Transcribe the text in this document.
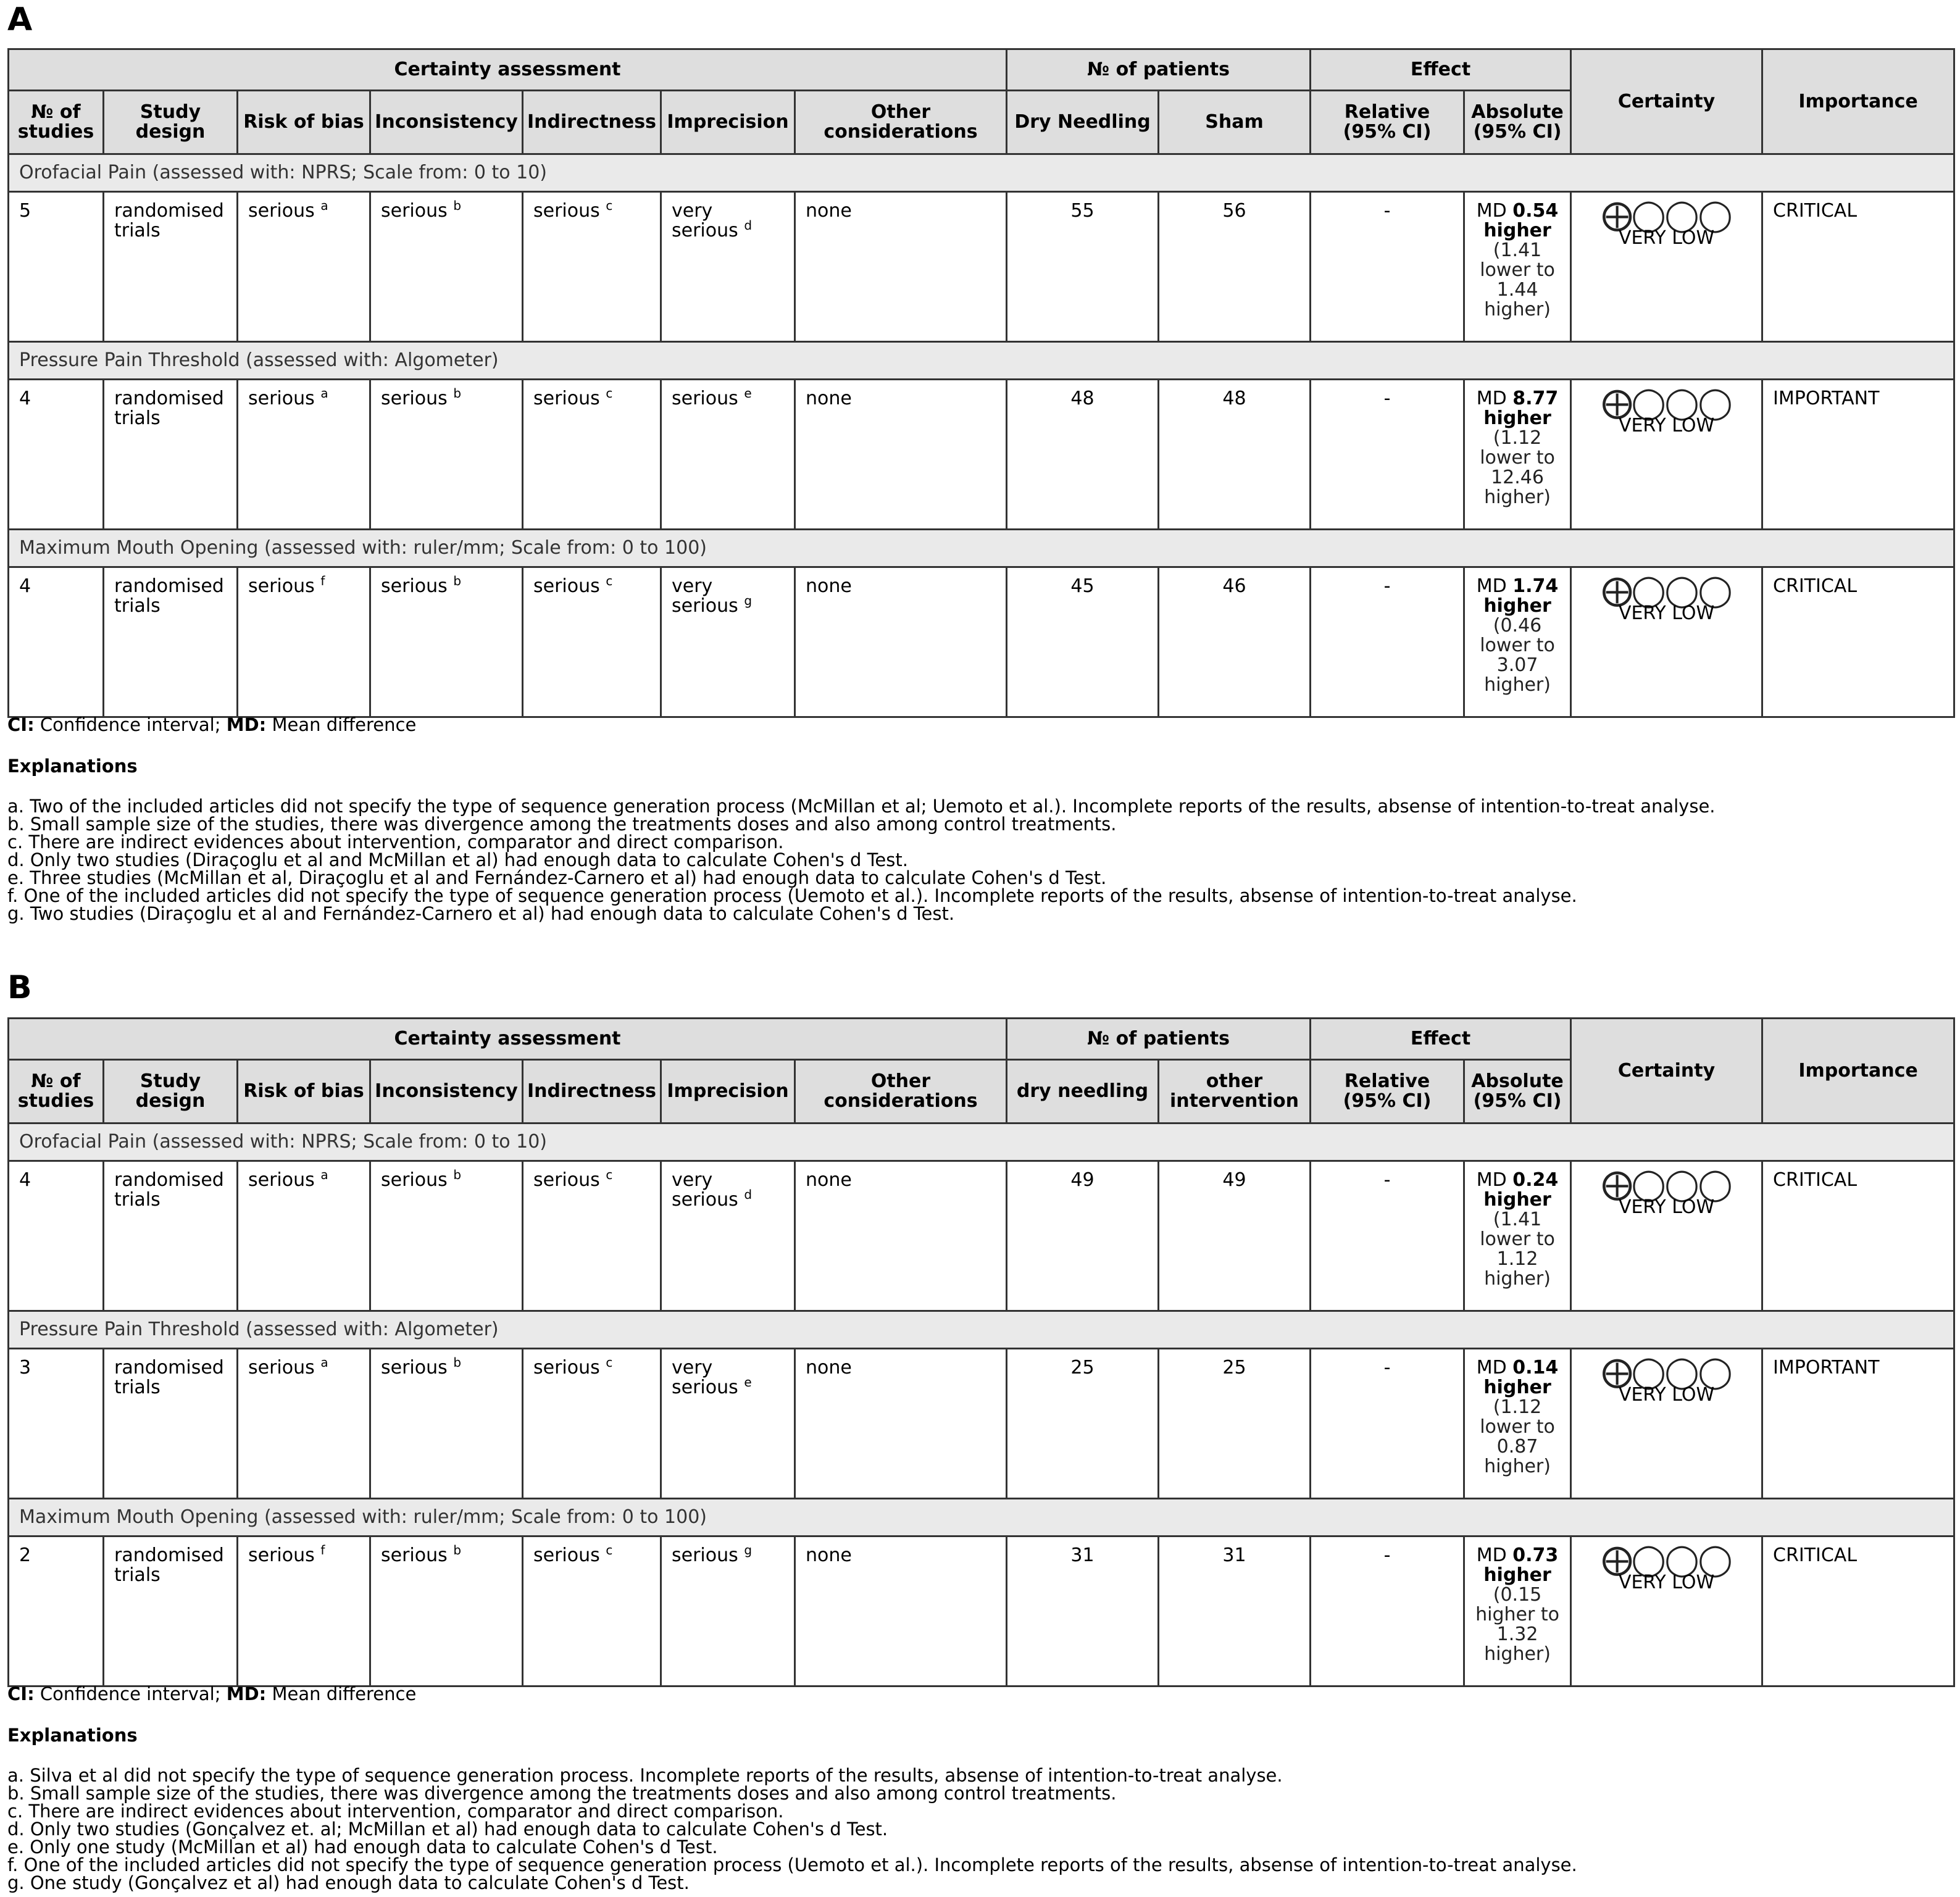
A
Certainty assessment							№ of patients		Effect		Certainty	Importance
№ of studies	Study design	Risk of bias	Inconsistency	Indirectness	Imprecision	Other considerations	Dry Needling	Sham	Relative (95% CI)	Absolute (95% CI)		
Orofacial Pain (assessed with: NPRS; Scale from: 0 to 10)												
5	randomised trials	serious $^a$	serious $^b$	serious $^c$	very serious $^d$	none	55	56	-	MD 0.54
higher
(1.41 lower to 1.44 higher)	⨁◯◯◯
VERY LOW	CRITICAL
Pressure Pain Threshold (assessed with: Algometer)												
4	randomised trials	serious $^a$	serious $^b$	serious $^c$	serious $^e$	none	48	48	-	MD 8.77
higher
(1.12 lower to 12.46 higher)	⨁◯◯◯
VERY LOW	IMPORTANT
Maximum Mouth Opening (assessed with: ruler/mm; Scale from: 0 to 100)												
4	randomised trials	serious $^f$	serious $^b$	serious $^c$	very serious $^g$	none	45	46	-	MD 1.74
higher
(0.46 lower to 3.07 higher)	⨁◯◯◯
VERY LOW	CRITICAL

CI: Confidence interval; MD: Mean difference

Explanations

a. Two of the included articles did not specify the type of sequence generation process (McMillan et al; Uemoto et al.). Incomplete reports of the results, absense of intention-to-treat analyse.

b. Small sample size of the studies, there was divergence among the treatments doses and also among control treatments.

c. There are indirect evidences about intervention, comparator and direct comparison.

d. Only two studies (Diraçoglu et al and McMillan et al) had enough data to calculate Cohen's d Test.

e. Three studies (McMillan et al, Diraçoglu et al and Fernández-Carnero et al) had enough data to calculate Cohen's d Test.

f. One of the included articles did not specify the type of sequence generation process (Uemoto et al.). Incomplete reports of the results, absense of intention-to-treat analyse.

g. Two studies (Diraçoglu et al and Fernández-Carnero et al) had enough data to calculate Cohen's d Test.

B
Certainty assessment							№ of patients		Effect		Certainty	Importance
№ of studies	Study design	Risk of bias	Inconsistency	Indirectness	Imprecision	Other considerations	dry needling	other intervention	Relative (95% CI)	Absolute (95% CI)		
Orofacial Pain (assessed with: NPRS; Scale from: 0 to 10)												
4	randomised trials	serious $^a$	serious $^b$	serious $^c$	very serious $^d$	none	49	49	-	MD 0.24
higher
(1.41 lower to 1.12 higher)	⨁◯◯◯
VERY LOW	CRITICAL
Pressure Pain Threshold (assessed with: Algometer)												
3	randomised trials	serious $^a$	serious $^b$	serious $^c$	very serious $^e$	none	25	25	-	MD 0.14
higher
(1.12 lower to 0.87 higher)	⨁◯◯◯
VERY LOW	IMPORTANT
Maximum Mouth Opening (assessed with: ruler/mm; Scale from: 0 to 100)												
2	randomised trials	serious $^f$	serious $^b$	serious $^c$	serious $^g$	none	31	31	-	MD 0.73
higher
(0.15 higher to 1.32 higher)	⨁◯◯◯
VERY LOW	CRITICAL

CI: Confidence interval; MD: Mean difference

Explanations

a. Silva et al did not specify the type of sequence generation process. Incomplete reports of the results, absense of intention-to-treat analyse.

b. Small sample size of the studies, there was divergence among the treatments doses and also among control treatments.

c. There are indirect evidences about intervention, comparator and direct comparison.

d. Only two studies (Gonçalvez et. al; McMillan et al) had enough data to calculate Cohen's d Test.

e. Only one study (McMillan et al) had enough data to calculate Cohen's d Test.

f. One of the included articles did not specify the type of sequence generation process (Uemoto et al.). Incomplete reports of the results, absense of intention-to-treat analyse.

g. One study (Gonçalvez et al) had enough data to calculate Cohen's d Test.
